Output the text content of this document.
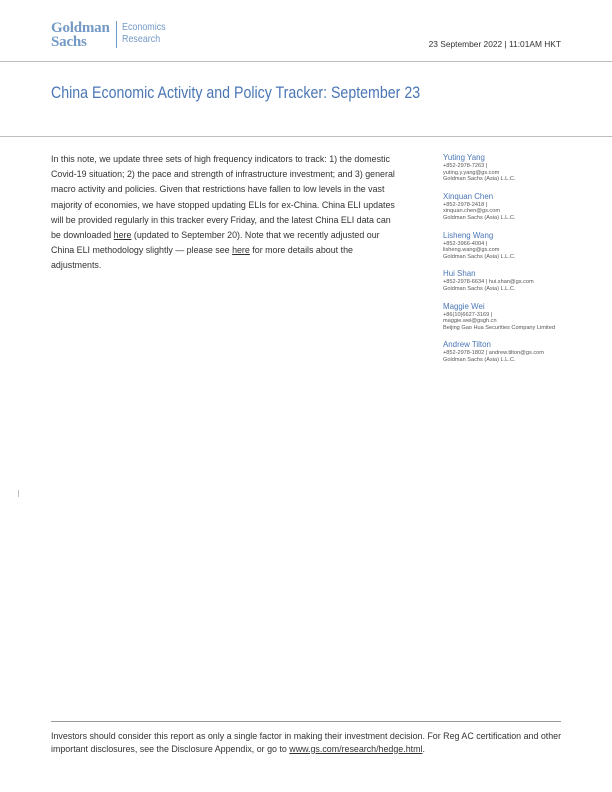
Goldman
Sachs
Economics
Research	23 September 2022 | 11:01AM HKT
China Economic Activity and Policy Tracker: September 23
In this note, we update three sets of high frequency indicators to track: 1) the domestic Covid-19 situation; 2) the pace and strength of infrastructure investment; and 3) general macro activity and policies. Given that restrictions have fallen to low levels in the vast majority of economies, we have stopped updating ELIs for ex-China. China ELI updates will be provided regularly in this tracker every Friday, and the latest China ELI data can be downloaded here (updated to September 20). Note that we recently adjusted our China ELI methodology slightly — please see here for more details about the adjustments.
Yuting Yang
+852-2978-7263 |
yuting.y.yang@gs.com
Goldman Sachs (Asia) L.L.C.
Xinquan Chen
+852-2978-2418 |
xinquan.chen@gs.com
Goldman Sachs (Asia) L.L.C.
Lisheng Wang
+852-3966-4004 |
lisheng.wang@gs.com
Goldman Sachs (Asia) L.L.C.
Hui Shan
+852-2978-6634 | hui.shan@gs.com
Goldman Sachs (Asia) L.L.C.
Maggie Wei
+86(10)6627-3169 |
maggie.wei@gsgh.cn
Beijing Gao Hua Securities Company Limited
Andrew Tilton
+852-2978-1802 | andrew.tilton@gs.com
Goldman Sachs (Asia) L.L.C.
Investors should consider this report as only a single factor in making their investment decision. For Reg AC certification and other important disclosures, see the Disclosure Appendix, or go to www.gs.com/research/hedge.html.
